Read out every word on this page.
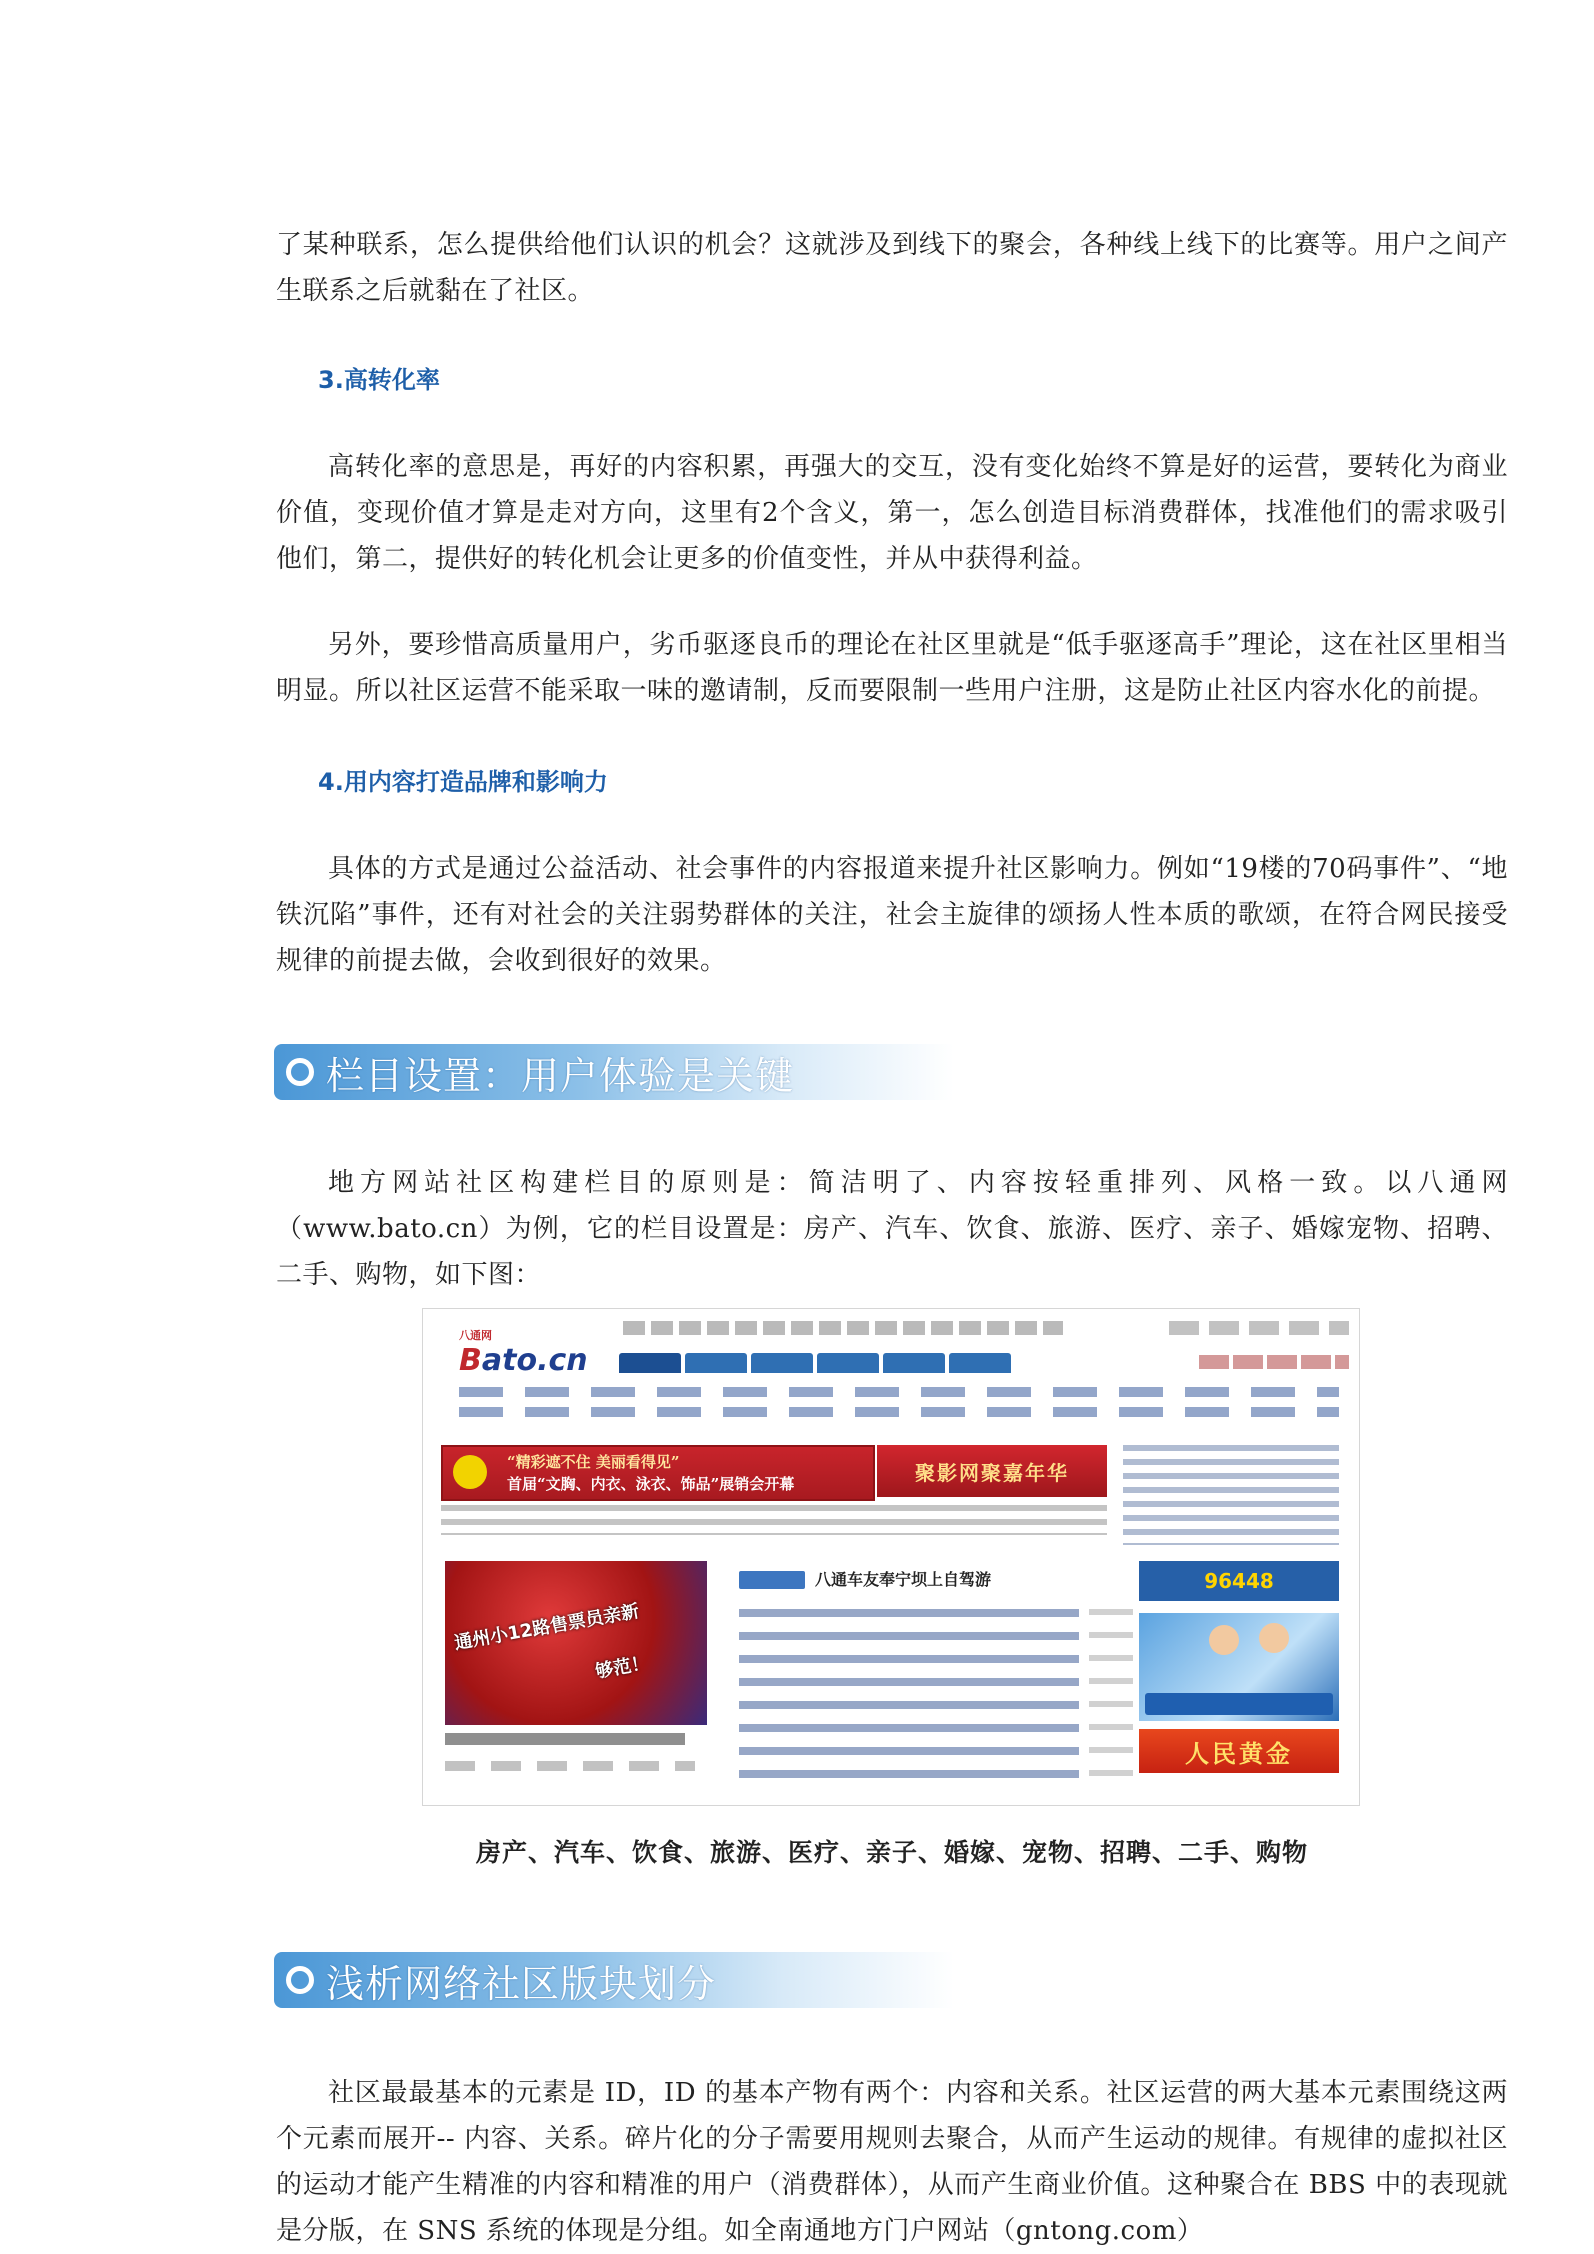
了某种联系，怎么提供给他们认识的机会？这就涉及到线下的聚会，各种线上线下的比赛等。用户之间产生联系之后就黏在了社区。

3.高转化率

高转化率的意思是，再好的内容积累，再强大的交互，没有变化始终不算是好的运营，要转化为商业价值，变现价值才算是走对方向，这里有2个含义，第一，怎么创造目标消费群体，找准他们的需求吸引他们，第二，提供好的转化机会让更多的价值变性，并从中获得利益。

另外，要珍惜高质量用户，劣币驱逐良币的理论在社区里就是“低手驱逐高手”理论，这在社区里相当明显。所以社区运营不能采取一味的邀请制，反而要限制一些用户注册，这是防止社区内容水化的前提。

4.用内容打造品牌和影响力

具体的方式是通过公益活动、社会事件的内容报道来提升社区影响力。例如“19楼的70码事件”、“地铁沉陷”事件，还有对社会的关注弱势群体的关注，社会主旋律的颂扬人性本质的歌颂，在符合网民接受规律的前提去做，会收到很好的效果。

栏目设置：用户体验是关键

地方网站社区构建栏目的原则是：简洁明了、内容按轻重排列、风格一致。以八通网（www.bato.cn）为例，它的栏目设置是：房产、汽车、饮食、旅游、医疗、亲子、婚嫁宠物、招聘、二手、购物，如下图：

八通网
Bato.cn
“精彩遮不住 美丽看得见”
首届“文胸、内衣、泳衣、饰品”展销会开幕	聚影网聚嘉年华
通州小12路售票员亲新
够范！
八通车友奉宁坝上自驾游	96448
人民黄金

房产、汽车、饮食、旅游、医疗、亲子、婚嫁、宠物、招聘、二手、购物

浅析网络社区版块划分

社区最最基本的元素是 ID，ID 的基本产物有两个：内容和关系。社区运营的两大基本元素围绕这两个元素而展开-- 内容、关系。碎片化的分子需要用规则去聚合，从而产生运动的规律。有规律的虚拟社区的运动才能产生精准的内容和精准的用户（消费群体），从而产生商业价值。这种聚合在 BBS 中的表现就是分版，在 SNS 系统的体现是分组。如全南通地方门户网站（gntong.com）
